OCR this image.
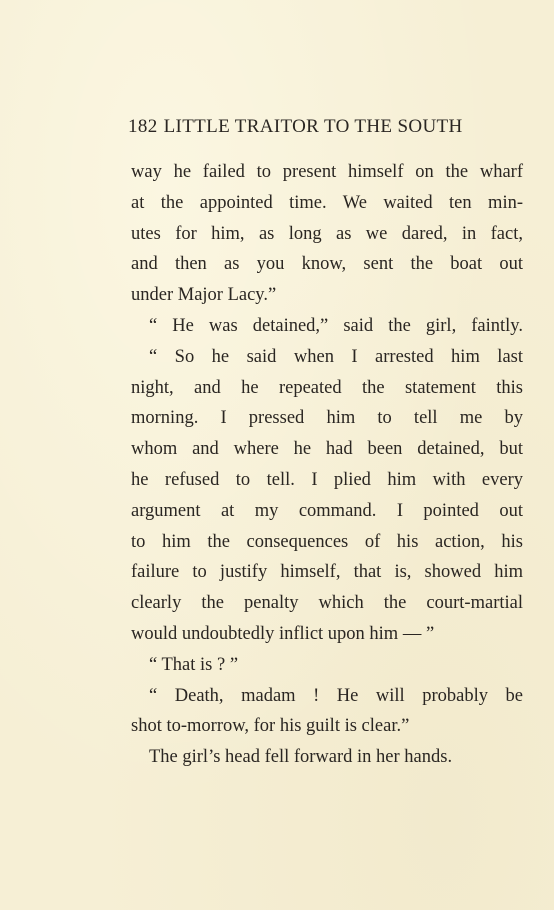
182 LITTLE TRAITOR TO THE SOUTH
way he failed to present himself on the wharf
at the appointed time. We waited ten min-
utes for him, as long as we dared, in fact,
and then as you know, sent the boat out
under Major Lacy.”
“ He was detained,” said the girl, faintly.
“ So he said when I arrested him last
night, and he repeated the statement this
morning. I pressed him to tell me by
whom and where he had been detained, but
he refused to tell. I plied him with every
argument at my command. I pointed out
to him the consequences of his action, his
failure to justify himself, that is, showed him
clearly the penalty which the court-martial
would undoubtedly inflict upon him — ”
“ That is ? ”
“ Death, madam ! He will probably be
shot to-morrow, for his guilt is clear.”
The girl’s head fell forward in her hands.
